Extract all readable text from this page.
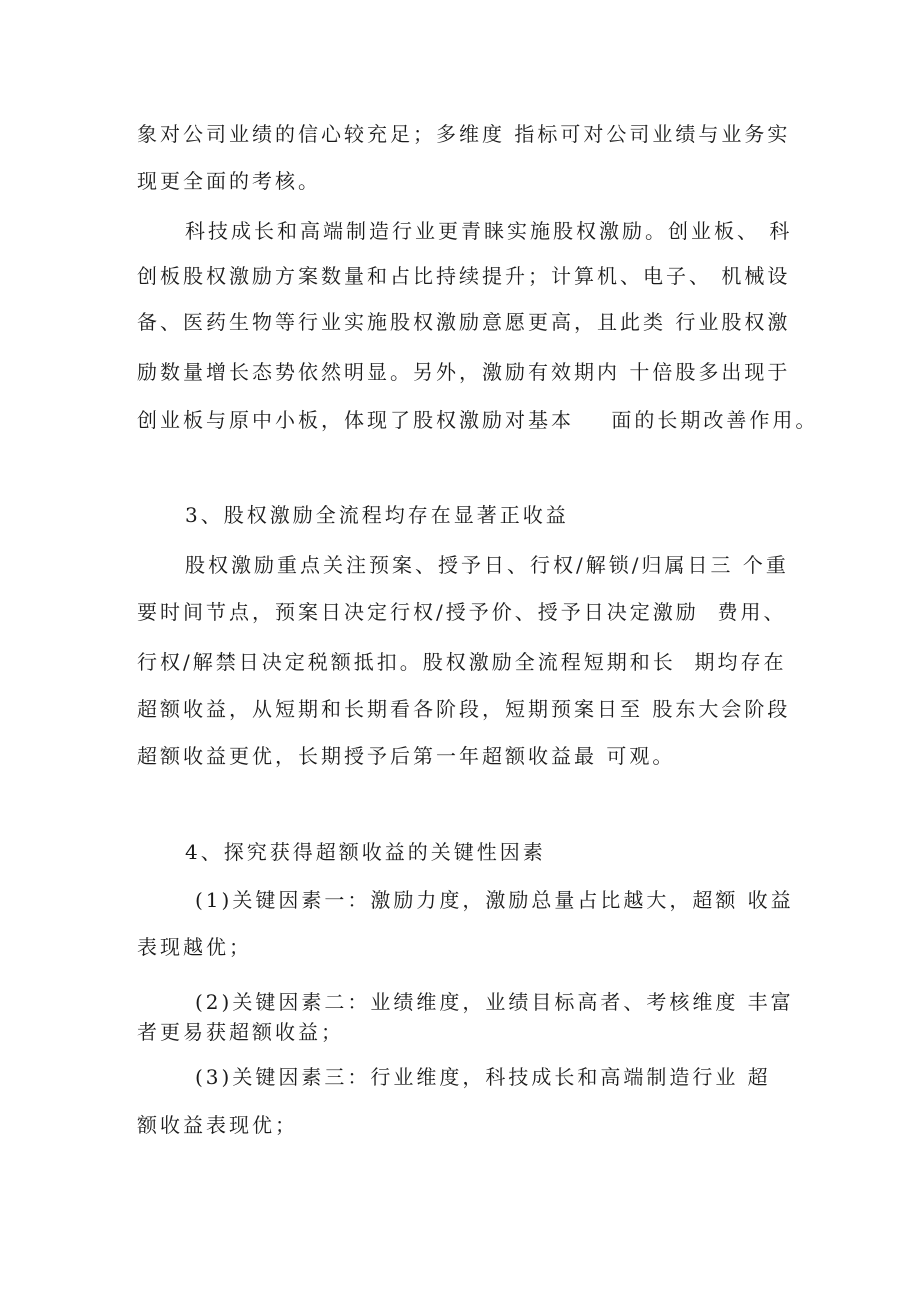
象对公司业绩的信心较充足；多维度 指标可对公司业绩与业务实
现更全面的考核。
科技成长和高端制造行业更青睐实施股权激励。创业板、 科
创板股权激励方案数量和占比持续提升；计算机、电子、 机械设
备、医药生物等行业实施股权激励意愿更高，且此类 行业股权激
励数量增长态势依然明显。另外，激励有效期内 十倍股多出现于
创业板与原中小板，体现了股权激励对基本    面的长期改善作用。
3、股权激励全流程均存在显著正收益
股权激励重点关注预案、授予日、行权/解锁/归属日三 个重
要时间节点，预案日决定行权/授予价、授予日决定激励  费用、
行权/解禁日决定税额抵扣。股权激励全流程短期和长  期均存在
超额收益，从短期和长期看各阶段，短期预案日至 股东大会阶段
超额收益更优，长期授予后第一年超额收益最 可观。
4、探究获得超额收益的关键性因素
(1)关键因素一：激励力度，激励总量占比越大，超额 收益
表现越优；
(2)关键因素二：业绩维度，业绩目标高者、考核维度 丰富
者更易获超额收益；
(3)关键因素三：行业维度，科技成长和高端制造行业 超
额收益表现优；
